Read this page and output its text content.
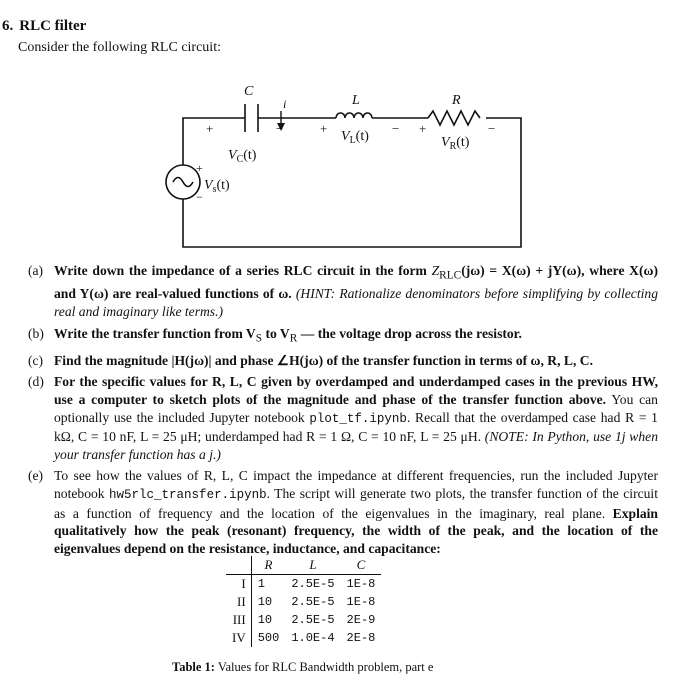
6. RLC filter
Consider the following RLC circuit:
C
i	L	R
+	−	+	− +	−
+
−
$V_C(t)$
$V_L(t)$	$V_R(t)$
$V_s(t)$
(a) Write down the impedance of a series RLC circuit in the form $Z_{RLC}(j\omega) = X(\omega) + jY(\omega)$, where X(ω) and Y(ω) are real-valued functions of ω. (HINT: Rationalize denominators before simplifying by collecting real and imaginary like terms.)
(b) Write the transfer function from $V_S$ to $V_R$ — the voltage drop across the resistor.
(c) Find the magnitude |H(jω)| and phase ∠H(jω) of the transfer function in terms of ω, R, L, C.
(d) For the specific values for R, L, C given by overdamped and underdamped cases in the previous HW, use a computer to sketch plots of the magnitude and phase of the transfer function above. You can optionally use the included Jupyter notebook plot_tf.ipynb. Recall that the overdamped case had R = 1 kΩ, C = 10 nF, L = 25 μH; underdamped had R = 1 Ω, C = 10 nF, L = 25 μH. (NOTE: In Python, use 1j when your transfer function has a j.)
(e) To see how the values of R, L, C impact the impedance at different frequencies, run the included Jupyter notebook hw5rlc_transfer.ipynb. The script will generate two plots, the transfer function of the circuit as a function of frequency and the location of the eigenvalues in the imaginary, real plane. Explain qualitatively how the peak (resonant) frequency, the width of the peak, and the location of the eigenvalues depend on the resistance, inductance, and capacitance:
	R	L	C
I	1	2.5E-5	1E-8
II	10	2.5E-5	1E-8
III	10	2.5E-5	2E-9
IV	500	1.0E-4	2E-8
Table 1: Values for RLC Bandwidth problem, part e
